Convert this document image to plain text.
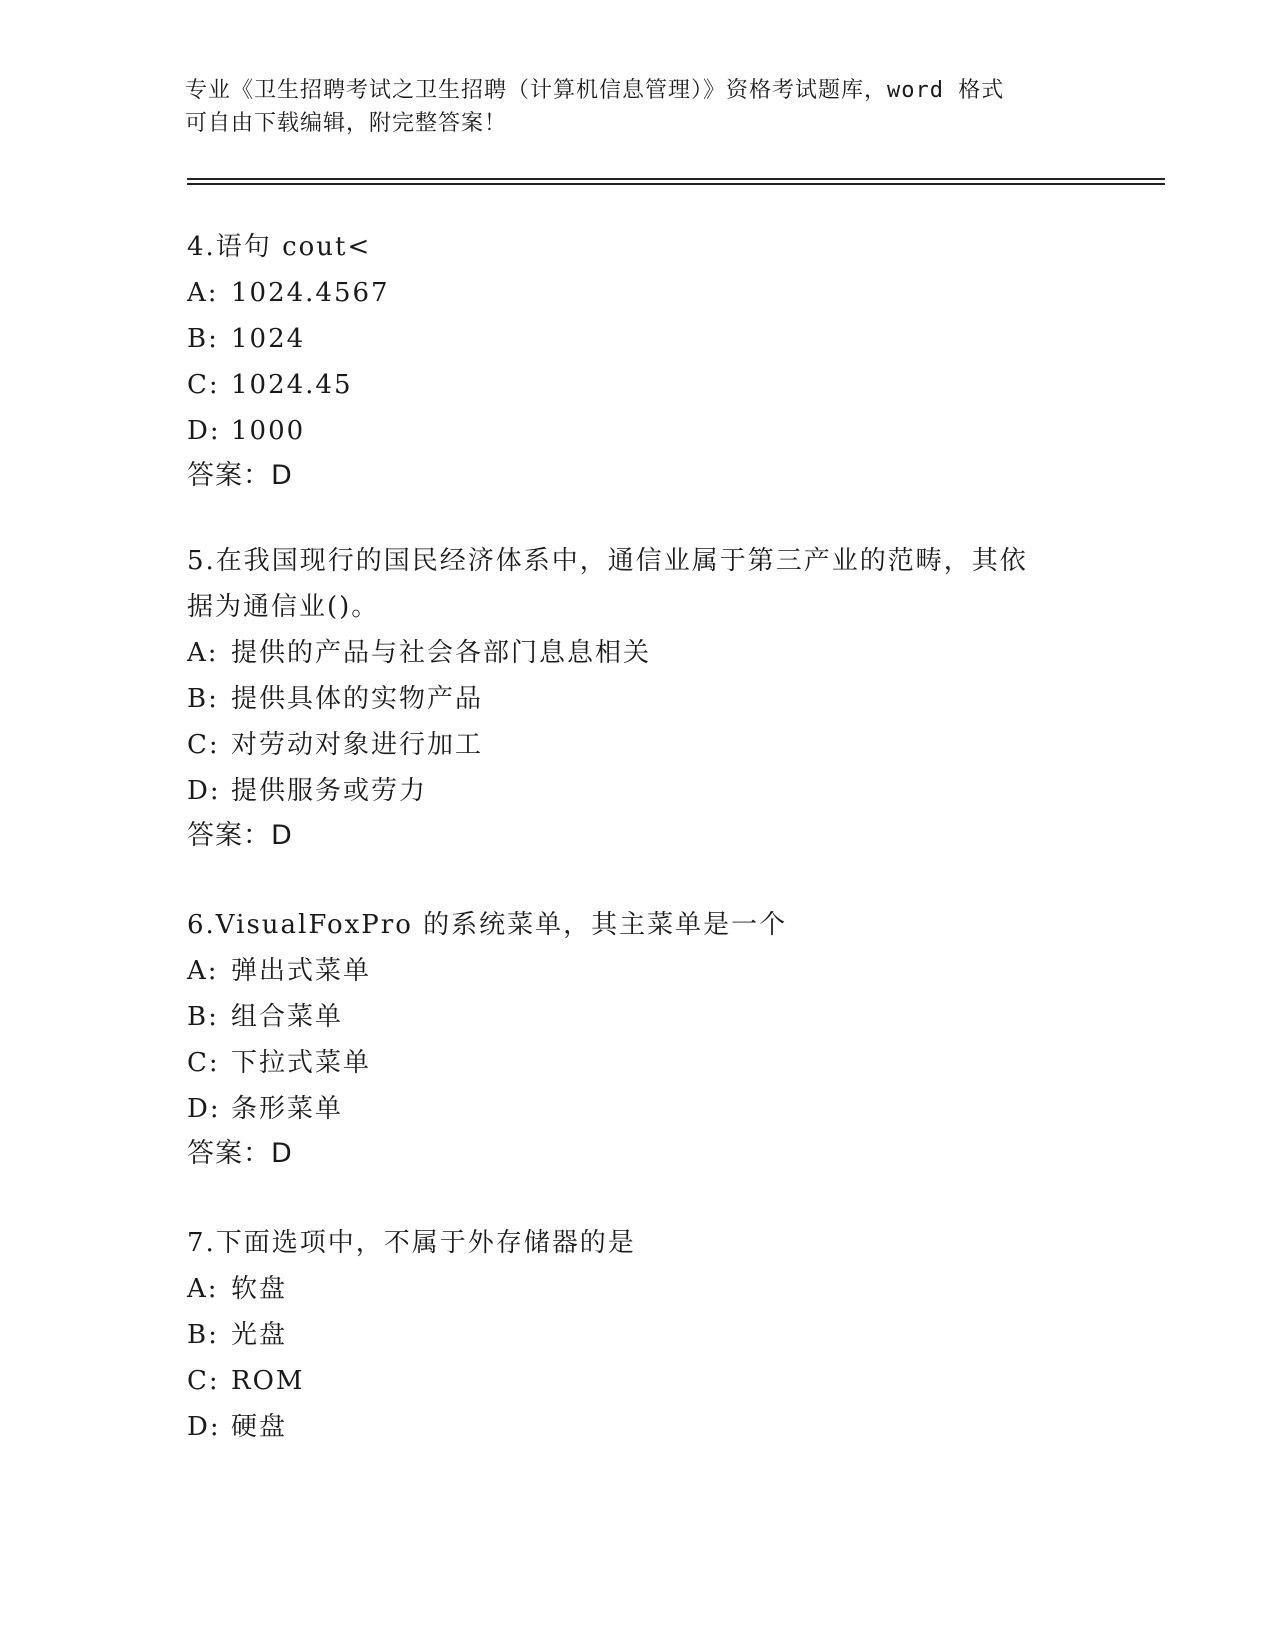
专业《卫生招聘考试之卫生招聘（计算机信息管理）》资格考试题库，word 格式
可自由下载编辑，附完整答案！
4.语句 cout<
A: 1024.4567
B: 1024
C: 1024.45
D: 1000
答案：D
5.在我国现行的国民经济体系中，通信业属于第三产业的范畴，其依
据为通信业()。
A: 提供的产品与社会各部门息息相关
B: 提供具体的实物产品
C: 对劳动对象进行加工
D: 提供服务或劳力
答案：D
6.VisualFoxPro 的系统菜单，其主菜单是一个
A: 弹出式菜单
B: 组合菜单
C: 下拉式菜单
D: 条形菜单
答案：D
7.下面选项中，不属于外存储器的是
A: 软盘
B: 光盘
C: ROM
D: 硬盘
